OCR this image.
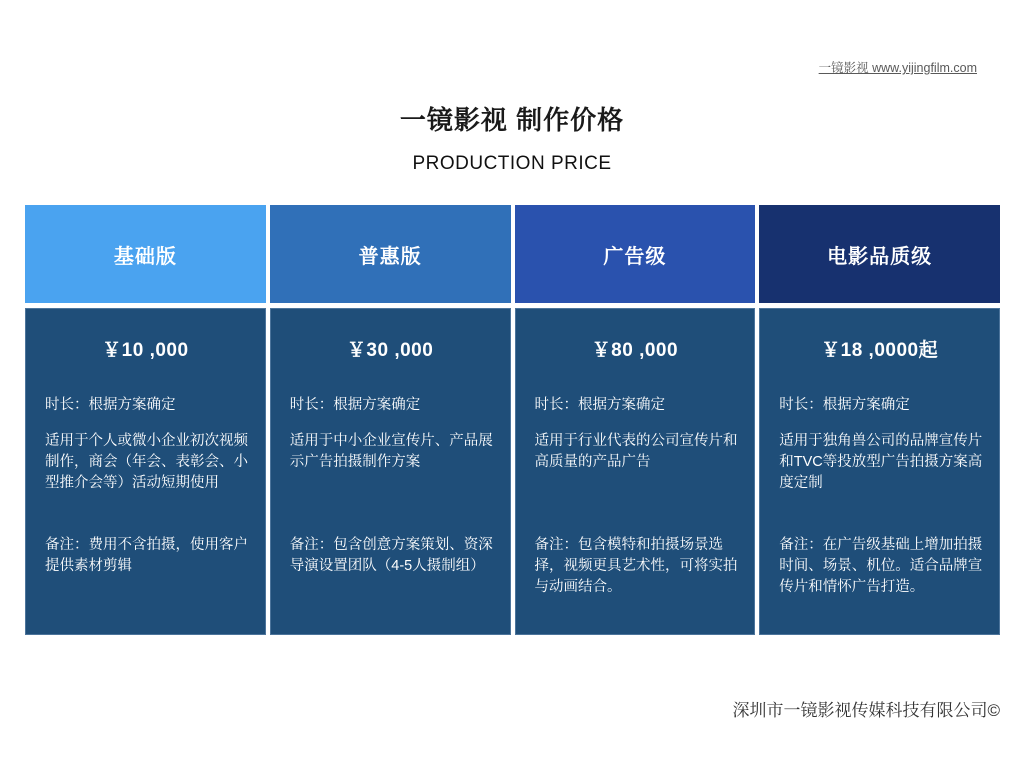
一镜影视 www.yijingfilm.com
一镜影视 制作价格
PRODUCTION PRICE
基础版
￥10 ,000
时长：根据方案确定
适用于个人或微小企业初次视频制作，商会（年会、表彰会、小型推介会等）活动短期使用
备注：费用不含拍摄，使用客户提供素材剪辑
普惠版
￥30 ,000
时长：根据方案确定
适用于中小企业宣传片、产品展示广告拍摄制作方案
备注：包含创意方案策划、资深导演设置团队（4-5人摄制组）
广告级
￥80 ,000
时长：根据方案确定
适用于行业代表的公司宣传片和高质量的产品广告
备注：包含模特和拍摄场景选择，视频更具艺术性，可将实拍与动画结合。
电影品质级
￥18 ,0000起
时长：根据方案确定
适用于独角兽公司的品牌宣传片和TVC等投放型广告拍摄方案高度定制
备注：在广告级基础上增加拍摄时间、场景、机位。适合品牌宣传片和情怀广告打造。
深圳市一镜影视传媒科技有限公司©
